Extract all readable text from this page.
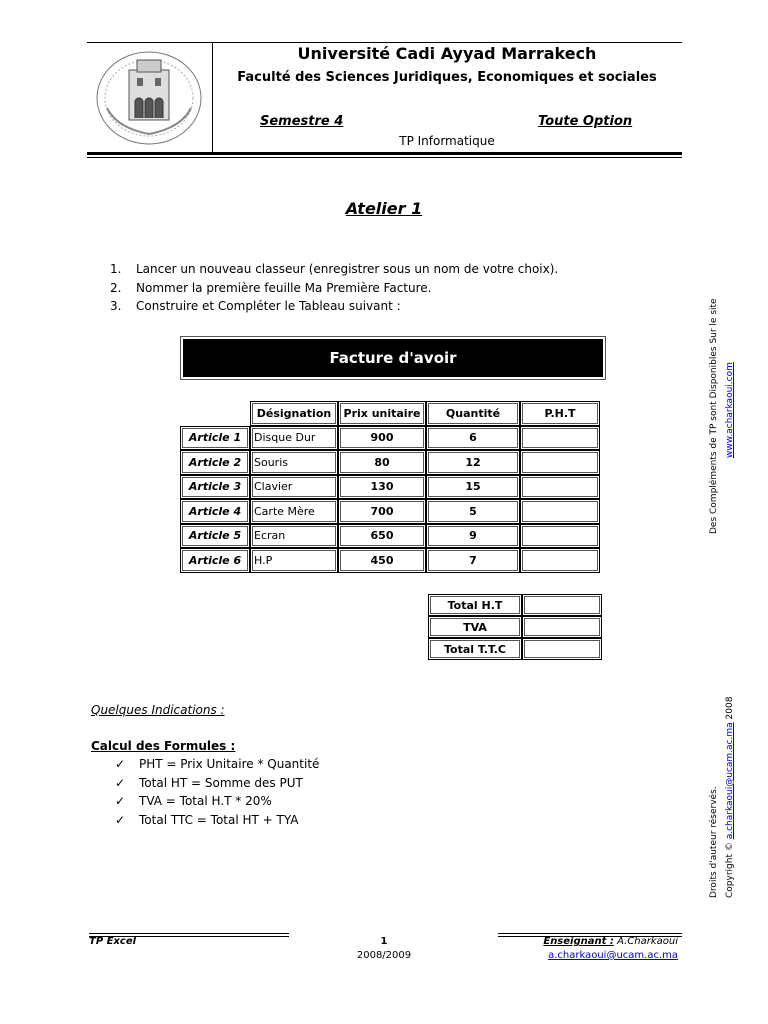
Université Cadi Ayyad Marrakech
Faculté des Sciences Juridiques, Economiques et sociales
Semestre 4	Toute Option
TP Informatique
Atelier 1
1. Lancer un nouveau classeur (enregistrer sous un nom de votre choix).
2. Nommer la première feuille Ma Première Facture.
3. Construire et Compléter le Tableau suivant :
Facture d'avoir
	Désignation	Prix unitaire	Quantité	P.H.T
Article 1	Disque Dur	900	6	
Article 2	Souris	80	12	
Article 3	Clavier	130	15	
Article 4	Carte Mère	700	5	
Article 5	Ecran	650	9	
Article 6	H.P	450	7	
Total H.T	
TVA	
Total T.T.C	
Quelques Indications :
Calcul des Formules :
✓ PHT = Prix Unitaire * Quantité
✓ Total HT = Somme des PUT
✓ TVA = Total H.T * 20%
✓ Total TTC = Total HT + TYA
Des Compléments de TP sont Disponibles Sur le site www.acharkaoui.com
Droits d'auteur réservés. Copyright © a.charkaoui@ucam.ac.ma 2008
TP Excel	1
2008/2009
Enseignant : A.Charkaoui
a.charkaoui@ucam.ac.ma
